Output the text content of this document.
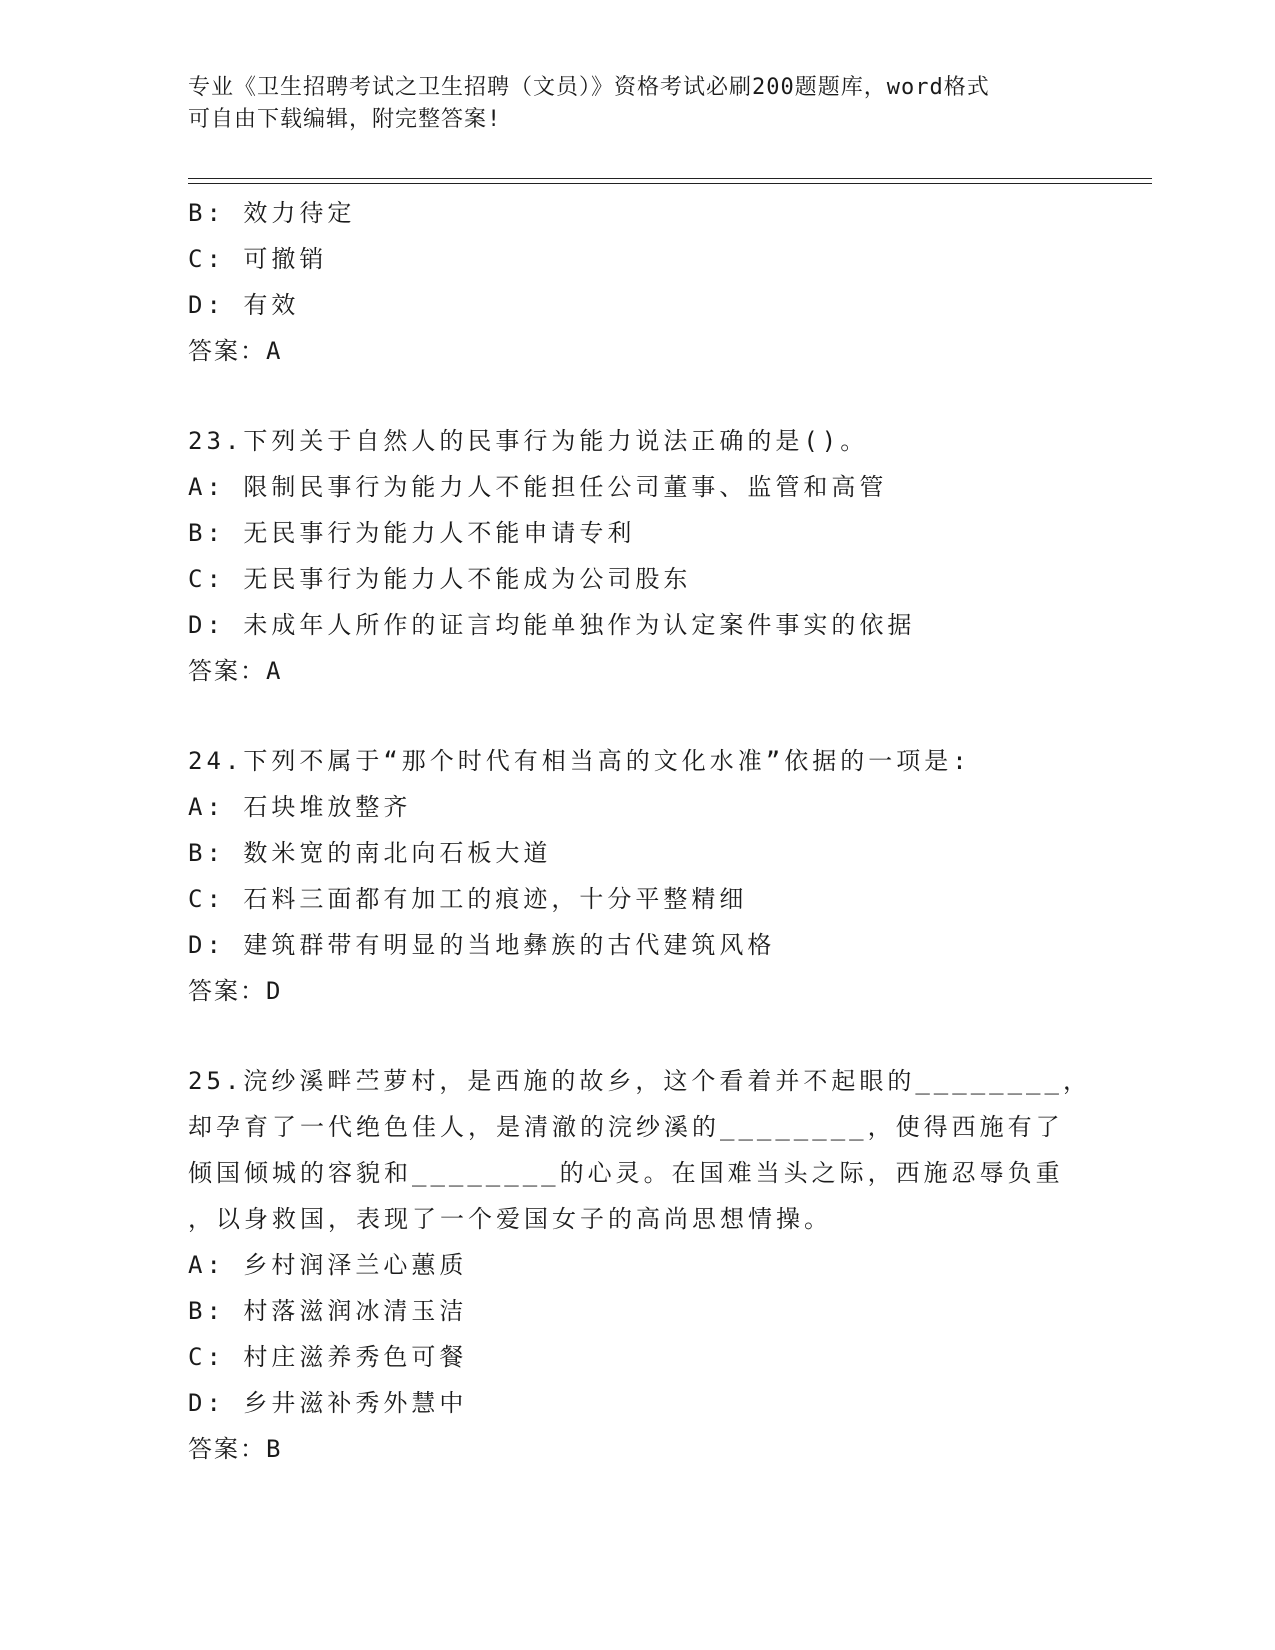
专业《卫生招聘考试之卫生招聘（文员）》资格考试必刷200题题库，word格式
可自由下载编辑，附完整答案!
B: 效力待定
C: 可撤销
D: 有效
答案：A
23.下列关于自然人的民事行为能力说法正确的是()。
A: 限制民事行为能力人不能担任公司董事、监管和高管
B: 无民事行为能力人不能申请专利
C: 无民事行为能力人不能成为公司股东
D: 未成年人所作的证言均能单独作为认定案件事实的依据
答案：A
24.下列不属于“那个时代有相当高的文化水准”依据的一项是:
A: 石块堆放整齐
B: 数米宽的南北向石板大道
C: 石料三面都有加工的痕迹，十分平整精细
D: 建筑群带有明显的当地彝族的古代建筑风格
答案：D
25.浣纱溪畔苎萝村，是西施的故乡，这个看着并不起眼的________，
却孕育了一代绝色佳人，是清澈的浣纱溪的________，使得西施有了
倾国倾城的容貌和________的心灵。在国难当头之际，西施忍辱负重
，以身救国，表现了一个爱国女子的高尚思想情操。
A: 乡村润泽兰心蕙质
B: 村落滋润冰清玉洁
C: 村庄滋养秀色可餐
D: 乡井滋补秀外慧中
答案：B
